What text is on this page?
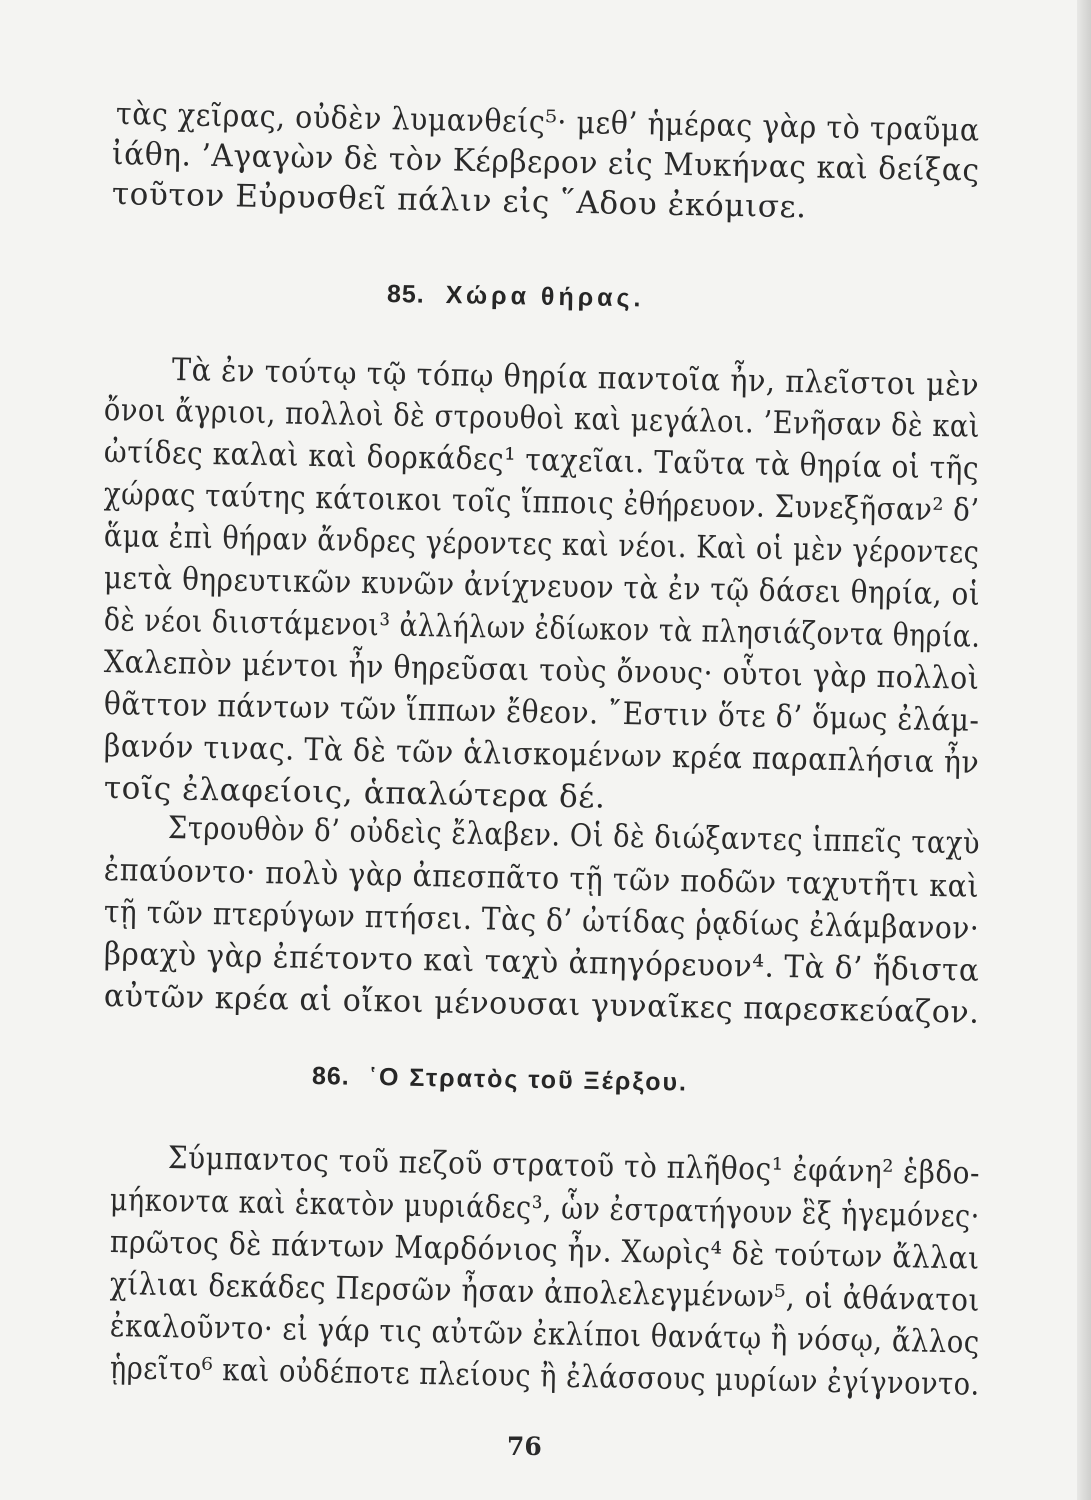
τὰς χεῖρας, οὐδὲν λυμανθείς⁵· μεθ’ ἡμέρας γὰρ τὸ τραῦμα
ἰάθη. ’Αγαγὼν δὲ τὸν Κέρβερον εἰς Μυκήνας καὶ δείξας
τοῦτον Εὐρυσθεῖ πάλιν εἰς ῞Αδου ἐκόμισε.
85. Χώρα θήρας.
Τὰ ἐν τούτῳ τῷ τόπῳ θηρία παντοῖα ἦν, πλεῖστοι μὲν
ὄνοι ἄγριοι, πολλοὶ δὲ στρουθοὶ καὶ μεγάλοι. ’Ενῆσαν δὲ καὶ
ὠτίδες καλαὶ καὶ δορκάδες¹ ταχεῖαι. Ταῦτα τὰ θηρία οἱ τῆς
χώρας ταύτης κάτοικοι τοῖς ἵπποις ἐθήρευον. Συνεξῆσαν² δ’
ἅμα ἐπὶ θήραν ἄνδρες γέροντες καὶ νέοι. Καὶ οἱ μὲν γέροντες
μετὰ θηρευτικῶν κυνῶν ἀνίχνευον τὰ ἐν τῷ δάσει θηρία, οἱ
δὲ νέοι διιστάμενοι³ ἀλλήλων ἐδίωκον τὰ πλησιάζοντα θηρία.
Χαλεπὸν μέντοι ἦν θηρεῦσαι τοὺς ὄνους· οὗτοι γὰρ πολλοὶ
θᾶττον πάντων τῶν ἵππων ἔθεον. ῎Εστιν ὅτε δ’ ὅμως ἐλάμ-
βανόν τινας. Τὰ δὲ τῶν ἁλισκομένων κρέα παραπλήσια ἦν
τοῖς ἐλαφείοις, ἁπαλώτερα δέ.
Στρουθὸν δ’ οὐδεὶς ἔλαβεν. Οἱ δὲ διώξαντες ἱππεῖς ταχὺ
ἐπαύοντο· πολὺ γὰρ ἀπεσπᾶτο τῇ τῶν ποδῶν ταχυτῆτι καὶ
τῇ τῶν πτερύγων πτήσει. Τὰς δ’ ὠτίδας ῥᾳδίως ἐλάμβανον·
βραχὺ γὰρ ἐπέτοντο καὶ ταχὺ ἀπηγόρευον⁴. Τὰ δ’ ἥδιστα
αὐτῶν κρέα αἱ οἴκοι μένουσαι γυναῖκες παρεσκεύαζον.
86. ῾Ο Στρατὸς τοῦ Ξέρξου.
Σύμπαντος τοῦ πεζοῦ στρατοῦ τὸ πλῆθος¹ ἐφάνη² ἑβδο-
μήκοντα καὶ ἑκατὸν μυριάδες³, ὧν ἐστρατήγουν ἓξ ἡγεμόνες·
πρῶτος δὲ πάντων Μαρδόνιος ἦν. Χωρὶς⁴ δὲ τούτων ἄλλαι
χίλιαι δεκάδες Περσῶν ἦσαν ἀπολελεγμένων⁵, οἱ ἀθάνατοι
ἐκαλοῦντο· εἰ γάρ τις αὐτῶν ἐκλίποι θανάτῳ ἢ νόσῳ, ἄλλος
ᾑρεῖτο⁶ καὶ οὐδέποτε πλείους ἢ ἐλάσσους μυρίων ἐγίγνοντο.
76
